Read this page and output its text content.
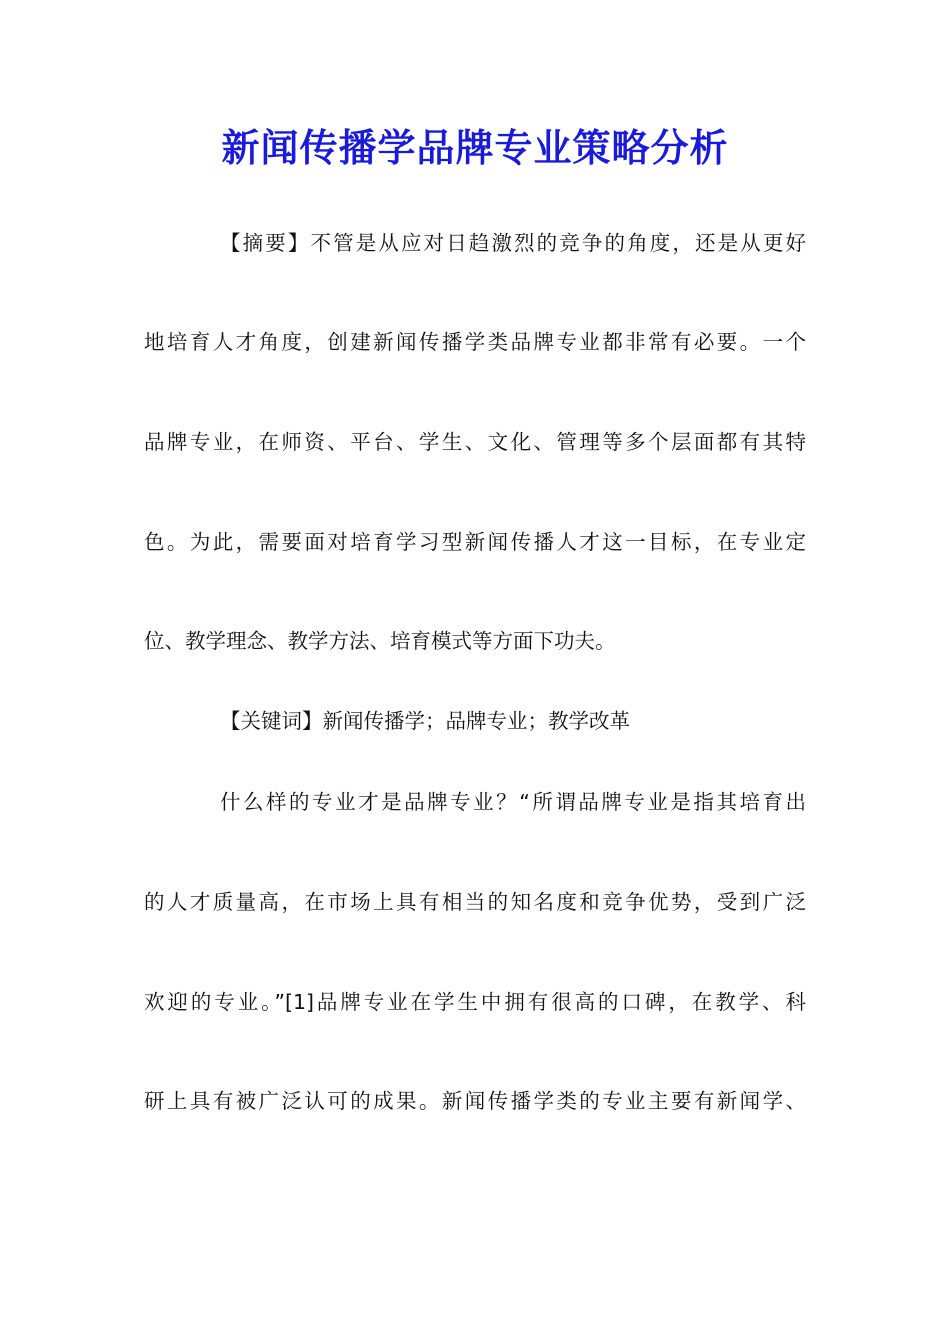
新闻传播学品牌专业策略分析
【摘要】不管是从应对日趋激烈的竞争的角度，还是从更好
地培育人才角度，创建新闻传播学类品牌专业都非常有必要。一个
品牌专业，在师资、平台、学生、文化、管理等多个层面都有其特
色。为此，需要面对培育学习型新闻传播人才这一目标，在专业定
位、教学理念、教学方法、培育模式等方面下功夫。
【关键词】新闻传播学；品牌专业；教学改革
什么样的专业才是品牌专业？“所谓品牌专业是指其培育出
的人才质量高，在市场上具有相当的知名度和竞争优势，受到广泛
欢迎的专业。”[1]品牌专业在学生中拥有很高的口碑，在教学、科
研上具有被广泛认可的成果。新闻传播学类的专业主要有新闻学、
